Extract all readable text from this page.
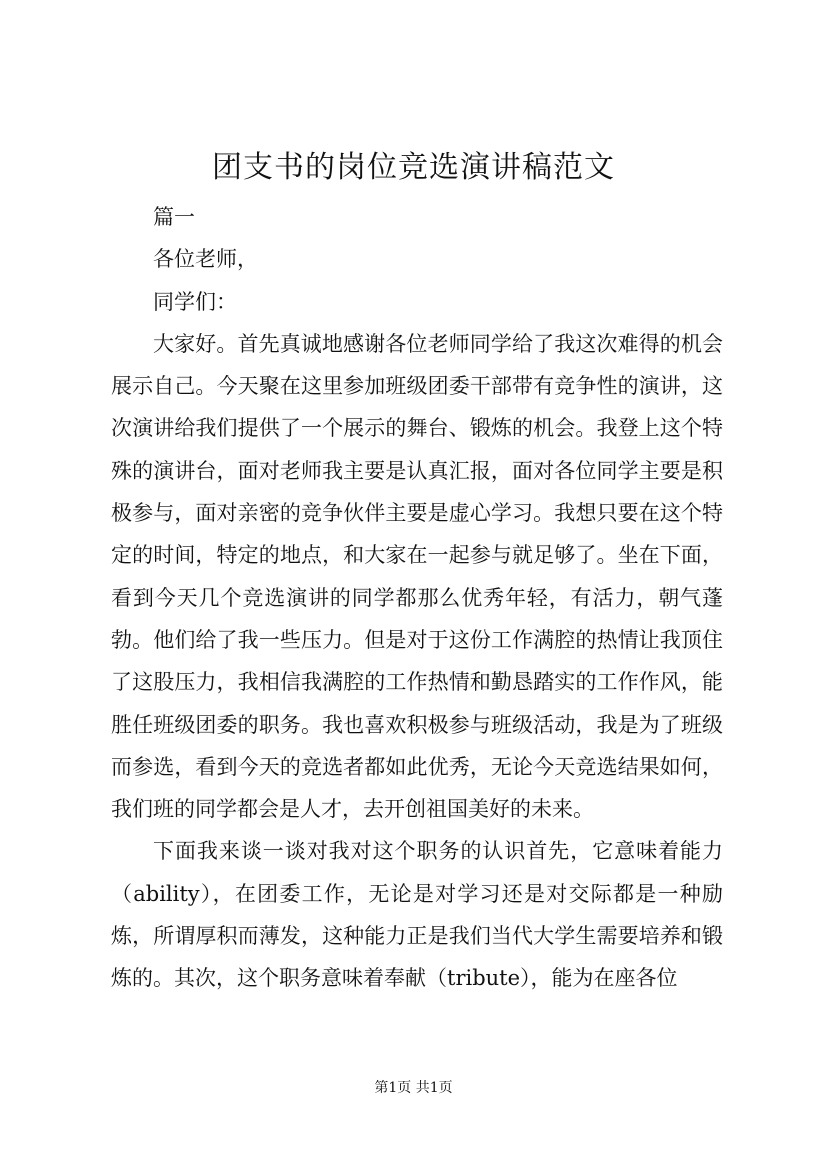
团支书的岗位竞选演讲稿范文

篇一

各位老师，

同学们：

大家好。首先真诚地感谢各位老师同学给了我这次难得的机会展示自己。今天聚在这里参加班级团委干部带有竞争性的演讲，这次演讲给我们提供了一个展示的舞台、锻炼的机会。我登上这个特殊的演讲台，面对老师我主要是认真汇报，面对各位同学主要是积极参与，面对亲密的竞争伙伴主要是虚心学习。我想只要在这个特定的时间，特定的地点，和大家在一起参与就足够了。坐在下面，看到今天几个竞选演讲的同学都那么优秀年轻，有活力，朝气蓬勃。他们给了我一些压力。但是对于这份工作满腔的热情让我顶住了这股压力，我相信我满腔的工作热情和勤恳踏实的工作作风，能胜任班级团委的职务。我也喜欢积极参与班级活动，我是为了班级而参选，看到今天的竞选者都如此优秀，无论今天竞选结果如何，我们班的同学都会是人才，去开创祖国美好的未来。

下面我来谈一谈对我对这个职务的认识首先，它意味着能力（ability），在团委工作，无论是对学习还是对交际都是一种励炼，所谓厚积而薄发，这种能力正是我们当代大学生需要培养和锻炼的。其次，这个职务意味着奉献（tribute），能为在座各位

第1页 共1页
